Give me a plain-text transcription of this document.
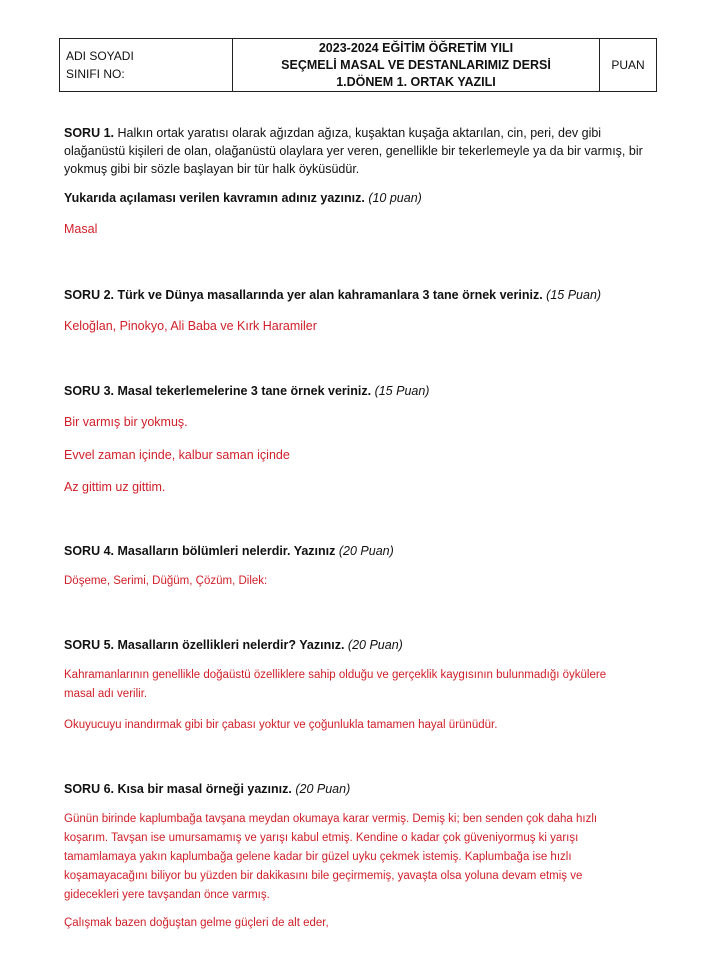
ADI SOYADI
SINIFI NO:

2023-2024 EĞİTİM ÖĞRETİM YILI
SEÇMELİ MASAL VE DESTANLARIMIZ DERSİ
1.DÖNEM 1. ORTAK YAZILI
	PUAN

SORU 1. Halkın ortak yaratısı olarak ağızdan ağıza, kuşaktan kuşağa aktarılan, cin, peri, dev gibi olağanüstü kişileri de olan, olağanüstü olaylara yer veren, genellikle bir tekerlemeyle ya da bir varmış, bir yokmuş gibi bir sözle başlayan bir tür halk öyküsüdür.

Yukarıda açılaması verilen kavramın adınız yazınız. (10 puan)

Masal

SORU 2. Türk ve Dünya masallarında yer alan kahramanlara 3 tane örnek veriniz. (15 Puan)

Keloğlan, Pinokyo, Ali Baba ve Kırk Haramiler

SORU 3. Masal tekerlemelerine 3 tane örnek veriniz. (15 Puan)

Bir varmış bir yokmuş.

Evvel zaman içinde, kalbur saman içinde

Az gittim uz gittim.

SORU 4. Masalların bölümleri nelerdir. Yazınız (20 Puan)

Döşeme, Serimi, Düğüm, Çözüm, Dilek:

SORU 5. Masalların özellikleri nelerdir? Yazınız. (20 Puan)

Kahramanlarının genellikle doğaüstü özelliklere sahip olduğu ve gerçeklik kaygısının bulunmadığı öykülere masal adı verilir.

Okuyucuyu inandırmak gibi bir çabası yoktur ve çoğunlukla tamamen hayal ürünüdür.

SORU 6. Kısa bir masal örneği yazınız. (20 Puan)

Günün birinde kaplumbağa tavşana meydan okumaya karar vermiş. Demiş ki; ben senden çok daha hızlı koşarım. Tavşan ise umursamamış ve yarışı kabul etmiş. Kendine o kadar çok güveniyormuş ki yarışı tamamlamaya yakın kaplumbağa gelene kadar bir güzel uyku çekmek istemiş. Kaplumbağa ise hızlı koşamayacağını biliyor bu yüzden bir dakikasını bile geçirmemiş, yavaşta olsa yoluna devam etmiş ve gidecekleri yere tavşandan önce varmış.

Çalışmak bazen doğuştan gelme güçleri de alt eder,
